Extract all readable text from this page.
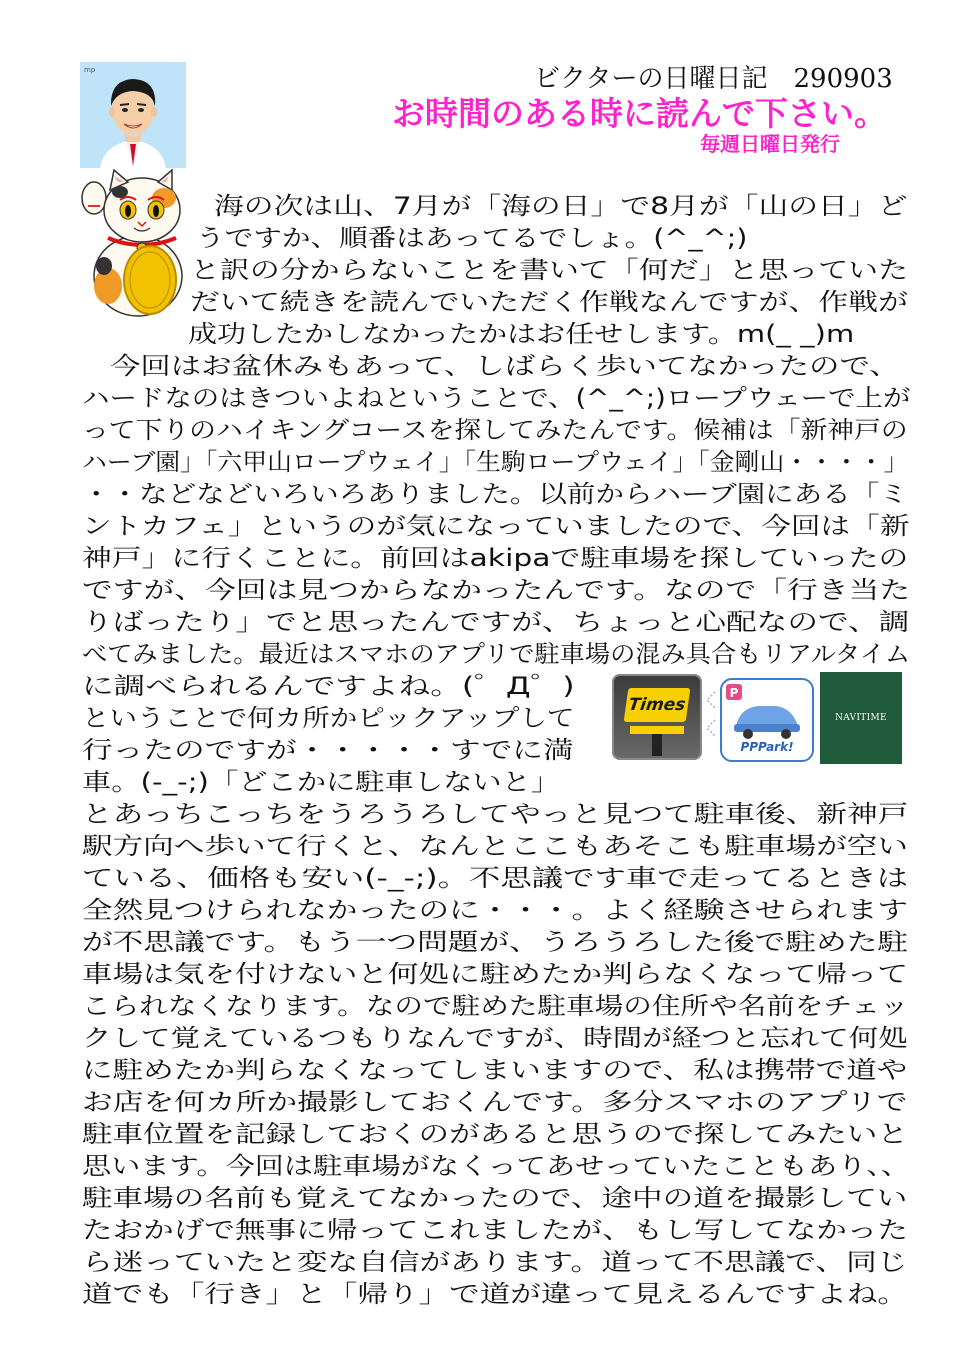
mp	ビクターの日曜日記　290903
お時間のある時に読んで下さい。
毎週日曜日発行
Times
P
PPPark!
NAVITIME
海の次は山、7月が「海の日」で8月が「山の日」ど
うですか、順番はあってるでしょ。(^_^;)
と訳の分からないことを書いて「何だ」と思っていた
だいて続きを読んでいただく作戦なんですが、作戦が
成功したかしなかったかはお任せします。m(_ _)m
今回はお盆休みもあって、しばらく歩いてなかったので、
ハードなのはきついよねということで、(^_^;)ロープウェーで上が
って下りのハイキングコースを探してみたんです。候補は「新神戸の
ハーブ園」「六甲山ロープウェイ」「生駒ロープウェイ」「金剛山・・・・」
・・などなどいろいろありました。以前からハーブ園にある「ミ
ントカフェ」というのが気になっていましたので、今回は「新
神戸」に行くことに。前回はakipaで駐車場を探していったの
ですが、今回は見つからなかったんです。なので「行き当た
りばったり」でと思ったんですが、ちょっと心配なので、調
べてみました。最近はスマホのアプリで駐車場の混み具合もリアルタイム
に調べられるんですよね。(゜Д゜)
ということで何カ所かピックアップして
行ったのですが・・・・・すでに満
車。(-_-;)「どこかに駐車しないと」
とあっちこっちをうろうろしてやっと見つて駐車後、新神戸
駅方向へ歩いて行くと、なんとここもあそこも駐車場が空い
ている、価格も安い(-_-;)。不思議です車で走ってるときは
全然見つけられなかったのに・・・。よく経験させられます
が不思議です。もう一つ問題が、うろうろした後で駐めた駐
車場は気を付けないと何処に駐めたか判らなくなって帰って
こられなくなります。なので駐めた駐車場の住所や名前をチェッ
クして覚えているつもりなんですが、時間が経つと忘れて何処
に駐めたか判らなくなってしまいますので、私は携帯で道や
お店を何カ所か撮影しておくんです。多分スマホのアプリで
駐車位置を記録しておくのがあると思うので探してみたいと
思います。今回は駐車場がなくってあせっていたこともあり、、
駐車場の名前も覚えてなかったので、途中の道を撮影してい
たおかげで無事に帰ってこれましたが、もし写してなかった
ら迷っていたと変な自信があります。道って不思議で、同じ
道でも「行き」と「帰り」で道が違って見えるんですよね。
